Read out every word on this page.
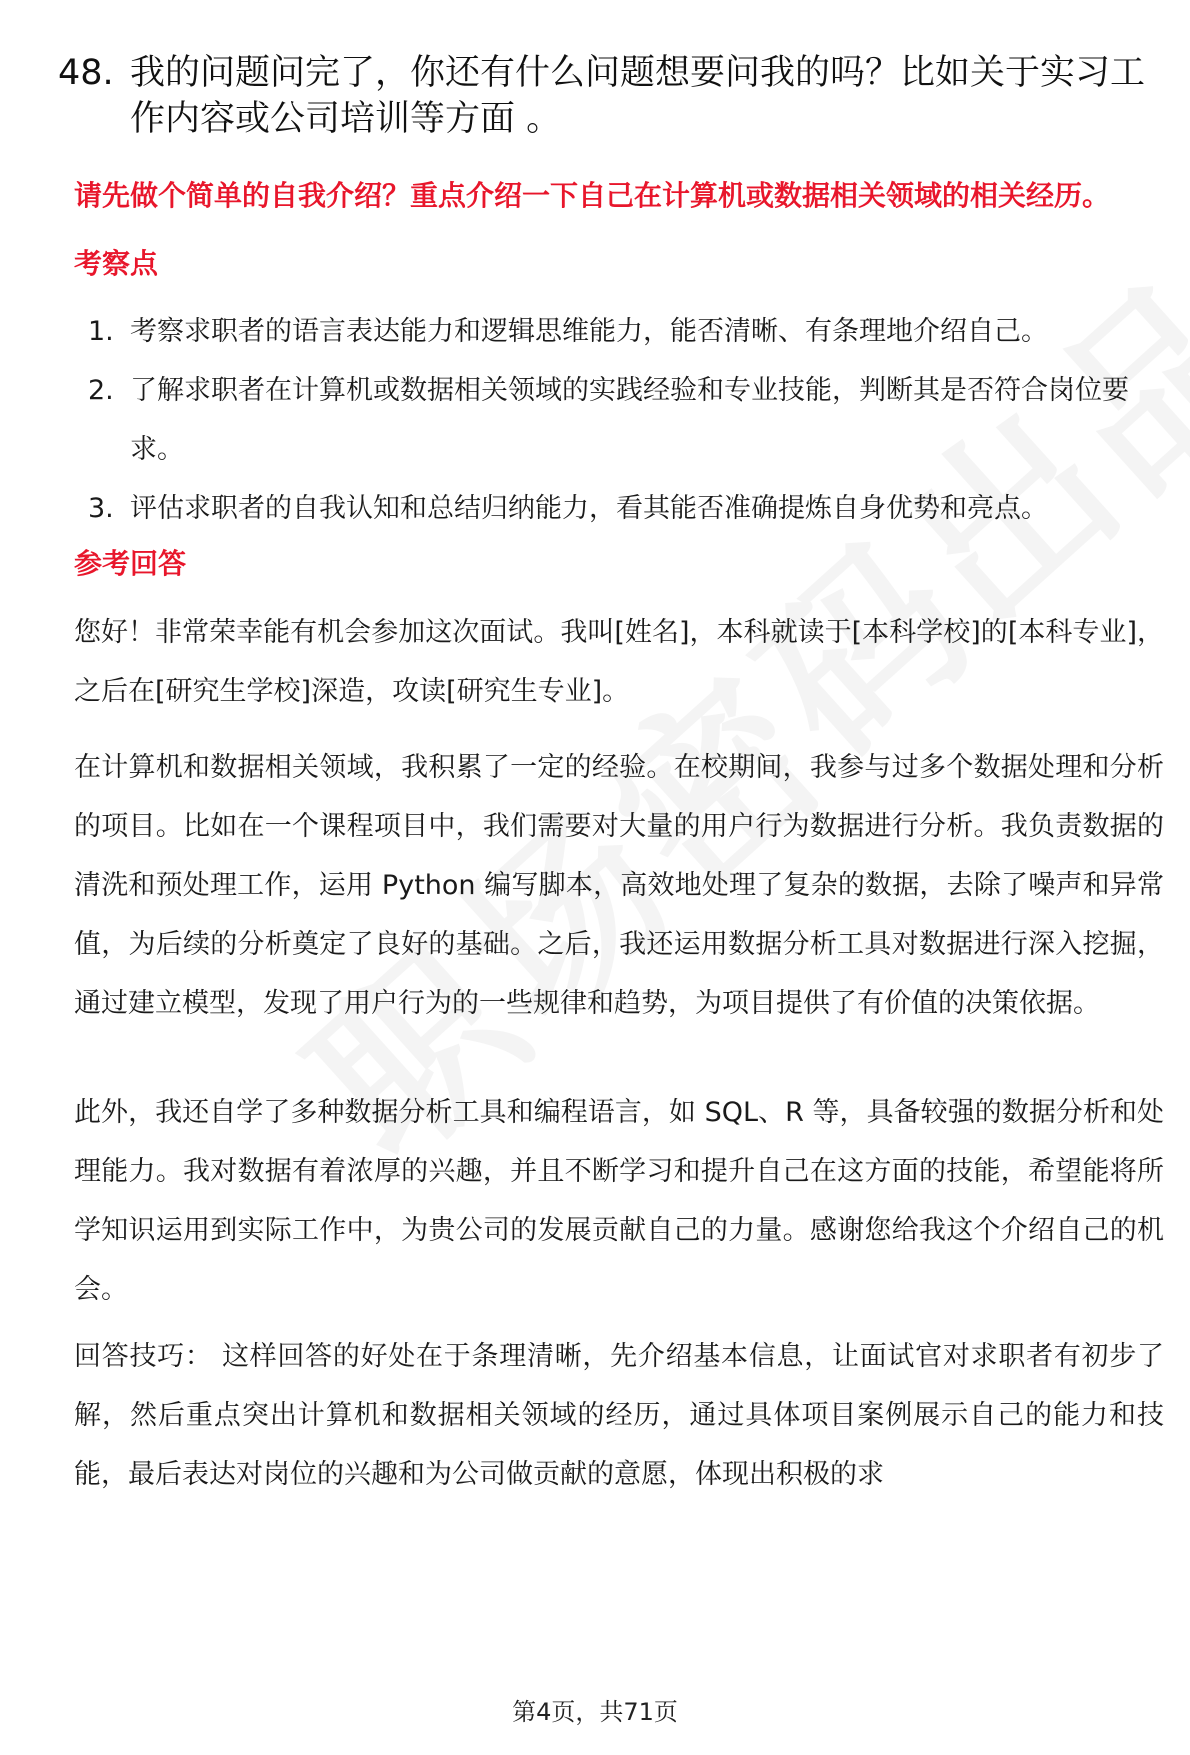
48. 我的问题问完了，你还有什么问题想要问我的吗？比如关于实习工作内容或公司培训等方面 。
请先做个简单的自我介绍？重点介绍一下自己在计算机或数据相关领域的相关经历。
考察点
1. 考察求职者的语言表达能力和逻辑思维能力，能否清晰、有条理地介绍自己。
2. 了解求职者在计算机或数据相关领域的实践经验和专业技能，判断其是否符合岗位要求。
3. 评估求职者的自我认知和总结归纳能力，看其能否准确提炼自身优势和亮点。
参考回答

您好！非常荣幸能有机会参加这次面试。我叫[姓名]，本科就读于[本科学校]的[本科专业]，之后在[研究生学校]深造，攻读[研究生专业]。

在计算机和数据相关领域，我积累了一定的经验。在校期间，我参与过多个数据处理和分析的项目。比如在一个课程项目中，我们需要对大量的用户行为数据进行分析。我负责数据的清洗和预处理工作，运用 Python 编写脚本，高效地处理了复杂的数据，去除了噪声和异常值，为后续的分析奠定了良好的基础。之后，我还运用数据分析工具对数据进行深入挖掘，通过建立模型，发现了用户行为的一些规律和趋势，为项目提供了有价值的决策依据。

此外，我还自学了多种数据分析工具和编程语言，如 SQL、R 等，具备较强的数据分析和处理能力。我对数据有着浓厚的兴趣，并且不断学习和提升自己在这方面的技能，希望能将所学知识运用到实际工作中，为贵公司的发展贡献自己的力量。感谢您给我这个介绍自己的机会。

回答技巧： 这样回答的好处在于条理清晰，先介绍基本信息，让面试官对求职者有初步了解，然后重点突出计算机和数据相关领域的经历，通过具体项目案例展示自己的能力和技能，最后表达对岗位的兴趣和为公司做贡献的意愿，体现出积极的求

第4页，共71页
